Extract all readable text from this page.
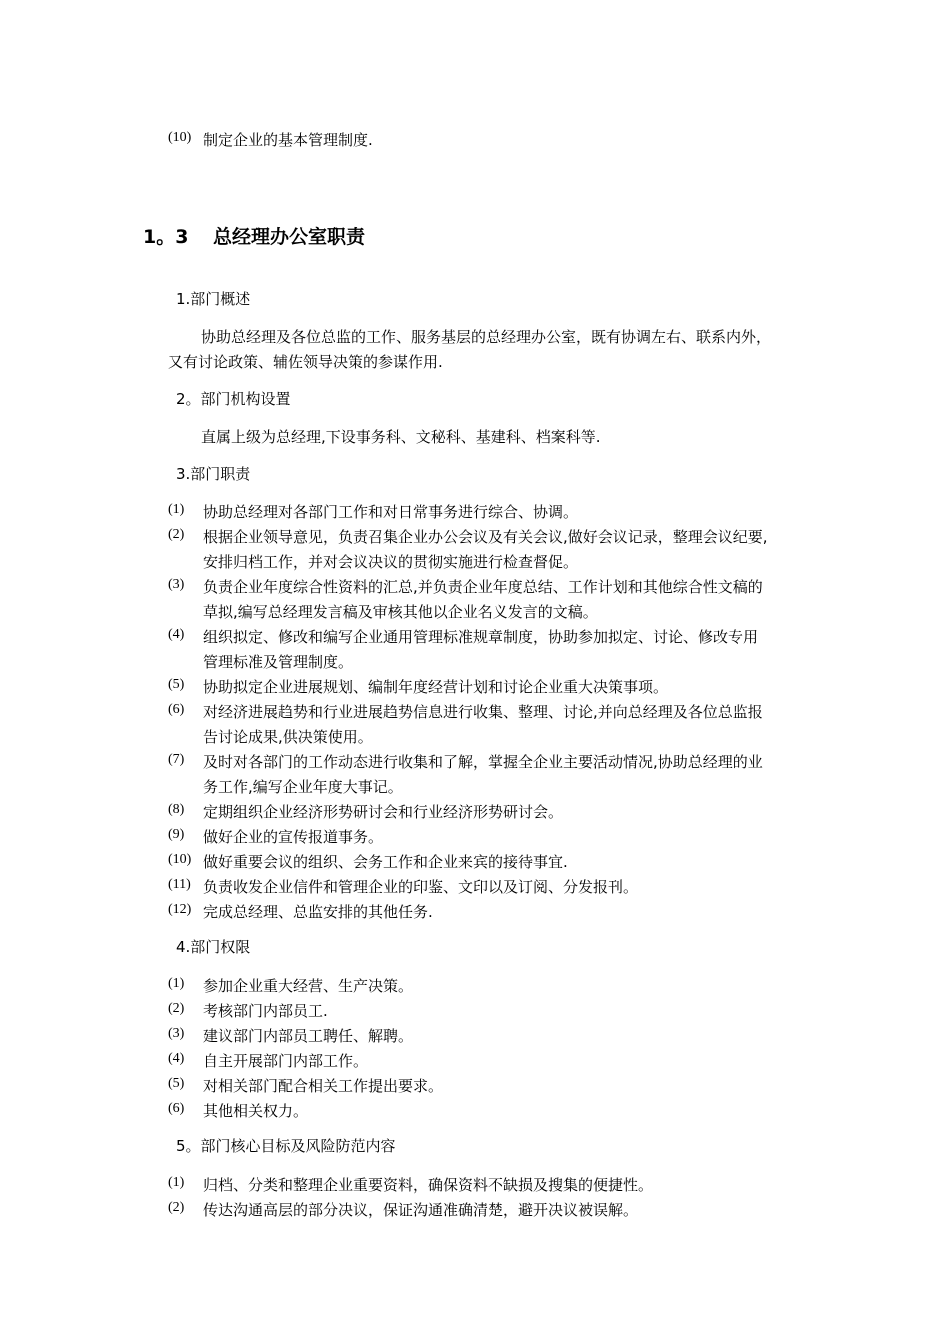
(10) 制定企业的基本管理制度.
1。3 总经理办公室职责
1.部门概述
协助总经理及各位总监的工作、服务基层的总经理办公室，既有协调左右、联系内外，
又有讨论政策、辅佐领导决策的参谋作用.
2。部门机构设置
直属上级为总经理,下设事务科、文秘科、基建科、档案科等.
3.部门职责
(1) 协助总经理对各部门工作和对日常事务进行综合、协调。
(2) 根据企业领导意见，负责召集企业办公会议及有关会议,做好会议记录，整理会议纪要,
安排归档工作，并对会议决议的贯彻实施进行检查督促。
(3) 负责企业年度综合性资料的汇总,并负责企业年度总结、工作计划和其他综合性文稿的
草拟,编写总经理发言稿及审核其他以企业名义发言的文稿。
(4) 组织拟定、修改和编写企业通用管理标准规章制度，协助参加拟定、讨论、修改专用
管理标准及管理制度。
(5) 协助拟定企业进展规划、编制年度经营计划和讨论企业重大决策事项。
(6) 对经济进展趋势和行业进展趋势信息进行收集、整理、讨论,并向总经理及各位总监报
告讨论成果,供决策使用。
(7) 及时对各部门的工作动态进行收集和了解，掌握全企业主要活动情况,协助总经理的业
务工作,编写企业年度大事记。
(8) 定期组织企业经济形势研讨会和行业经济形势研讨会。
(9) 做好企业的宣传报道事务。
(10) 做好重要会议的组织、会务工作和企业来宾的接待事宜.
(11) 负责收发企业信件和管理企业的印鉴、文印以及订阅、分发报刊。
(12) 完成总经理、总监安排的其他任务.
4.部门权限
(1) 参加企业重大经营、生产决策。
(2) 考核部门内部员工.
(3) 建议部门内部员工聘任、解聘。
(4) 自主开展部门内部工作。
(5) 对相关部门配合相关工作提出要求。
(6) 其他相关权力。
5。部门核心目标及风险防范内容
(1) 归档、分类和整理企业重要资料，确保资料不缺损及搜集的便捷性。
(2) 传达沟通高层的部分决议，保证沟通准确清楚，避开决议被误解。
